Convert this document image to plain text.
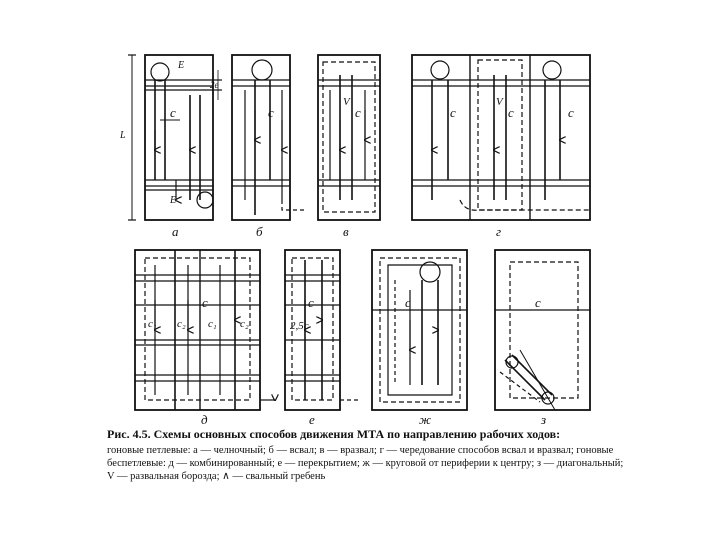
а	б	в	г
д	е	ж	з
E
2e
c
L
E
c
V
c	c
V
c	c
c
c₁ c₂ c₁ c₂
c
2,5c
c	c
Рис. 4.5. Схемы основных способов движения МТА по направлению рабочих ходов:
гоновые петлевые: а — челночный; б — всвал; в — вразвал; г — чередование способов всвал и вразвал; гоновые беспетлевые: д — комбинированный; е — перекрытием; ж — круговой от периферии к центру; з — диагональный; V — развальная борозда; ∧ — свальный гребень
